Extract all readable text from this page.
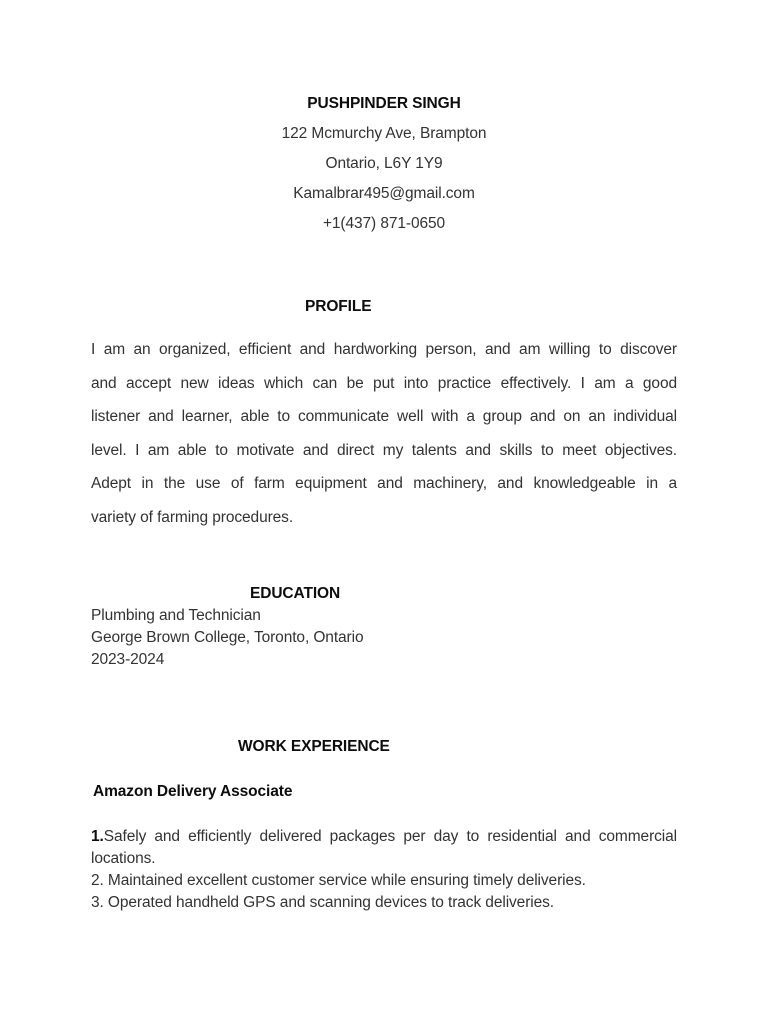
PUSHPINDER SINGH
122 Mcmurchy Ave, Brampton
Ontario, L6Y 1Y9
Kamalbrar495@gmail.com
+1(437) 871-0650
PROFILE
I am an organized, efficient and hardworking person, and am willing to discover
and accept new ideas which can be put into practice effectively. I am a good
listener and learner, able to communicate well with a group and on an individual
level. I am able to motivate and direct my talents and skills to meet objectives.
Adept in the use of farm equipment and machinery, and knowledgeable in a
variety of farming procedures.
EDUCATION
Plumbing and Technician
George Brown College, Toronto, Ontario
2023-2024
WORK EXPERIENCE
Amazon Delivery Associate
1.Safely and efficiently delivered packages per day to residential and commercial
locations.
2. Maintained excellent customer service while ensuring timely deliveries.
3. Operated handheld GPS and scanning devices to track deliveries.
